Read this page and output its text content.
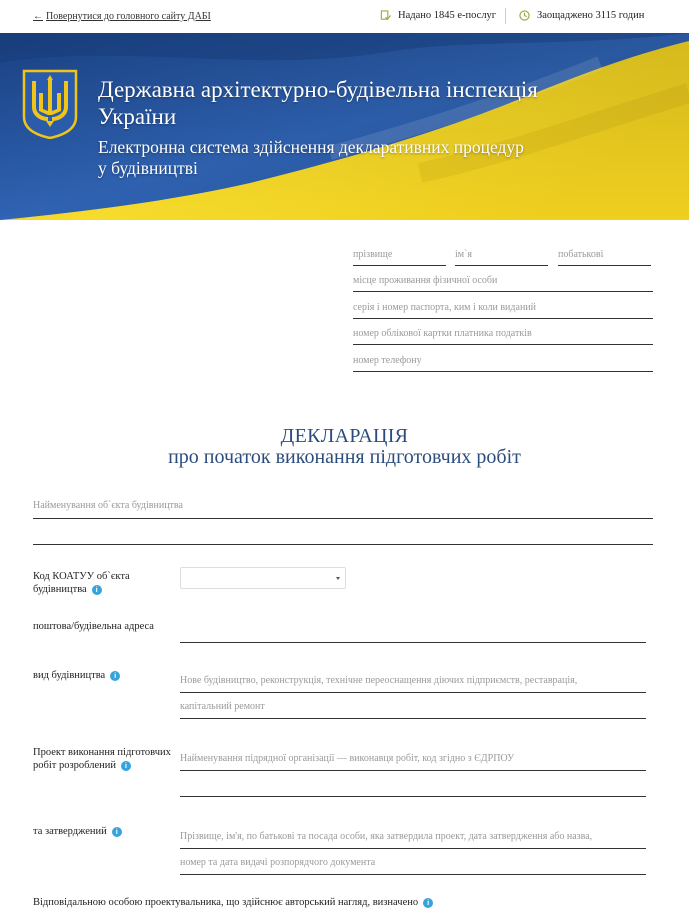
← Повернутися до головного сайту ДАБІ	Надано 1845 е-послуг	Заощаджено 3115 годин
Державна архітектурно-будівельна інспекція
України
Електронна система здійснення декларативних процедур
у будівництві
прізвище	ім`я	побатькові
місце проживання фізичної особи
серія і номер паспорта, ким і коли виданий
номер облікової картки платника податків
номер телефону
ДЕКЛАРАЦІЯ
про початок виконання підготовчих робіт
Найменування об`єкта будівництва
Код КОАТУУ об`єкта
будівництва i
поштова/будівельна адреса
вид будівництва i	Нове будівництво, реконструкція, технічне переоснащення діючих підприємств, реставрація,
капітальний ремонт
Проект виконання підготовчих
робіт розроблений i
Найменування підрядної організації — виконавця робіт, код згідно з ЄДРПОУ
та затверджений i	Прізвище, ім'я, по батькові та посада особи, яка затвердила проект, дата затвердження або назва,
номер та дата видачі розпорядчого документа
Відповідальною особою проектувальника, що здійснює авторський нагляд, визначено i
